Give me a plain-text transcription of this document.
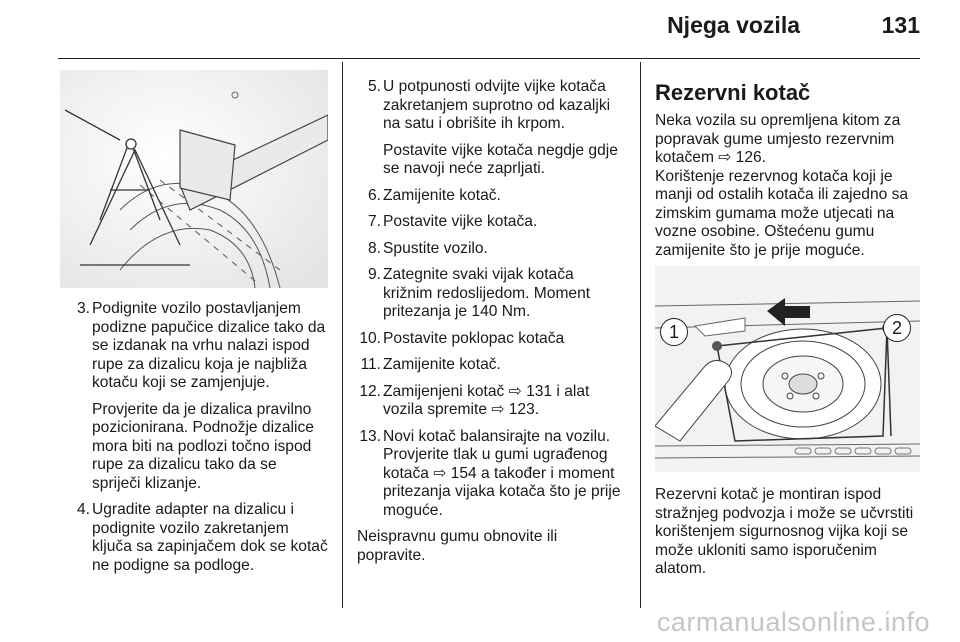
Njega vozila	131
3. Podignite vozilo postavljanjem podizne papučice dizalice tako da se izdanak na vrhu nalazi ispod rupe za dizalicu koja je najbliža kotaču koji se zamjenjuje.

Provjerite da je dizalica pravilno pozicionirana. Podnožje dizalice mora biti na podlozi točno ispod rupe za dizalicu tako da se spriječi klizanje.

4. Ugradite adapter na dizalicu i podignite vozilo zakretanjem ključa sa zapinjačem dok se kotač ne podigne sa podloge.

5. U potpunosti odvijte vijke kotača zakretanjem suprotno od kazaljki na satu i obrišite ih krpom.

Postavite vijke kotača negdje gdje se navoji neće zaprljati.

6. Zamijenite kotač.

7. Postavite vijke kotača.

8. Spustite vozilo.

9. Zategnite svaki vijak kotača križnim redoslijedom. Moment pritezanja je 140 Nm.

10. Postavite poklopac kotača

11. Zamijenite kotač.

12. Zamijenjeni kotač ⇨ 131 i alat vozila spremite ⇨ 123.

13. Novi kotač balansirajte na vozilu. Provjerite tlak u gumi ugrađenog kotača ⇨ 154 a također i moment pritezanja vijaka kotača što je prije moguće.

Neispravnu gumu obnovite ili popravite.

Rezervni kotač

Neka vozila su opremljena kitom za popravak gume umjesto rezervnim kotačem ⇨ 126.

Korištenje rezervnog kotača koji je manji od ostalih kotača ili zajedno sa zimskim gumama može utjecati na vozne osobine. Oštećenu gumu zamijenite što je prije moguće.

1	2

Rezervni kotač je montiran ispod stražnjeg podvozja i može se učvrstiti korištenjem sigurnosnog vijka koji se može ukloniti samo isporučenim alatom.

carmanualsonline.info
